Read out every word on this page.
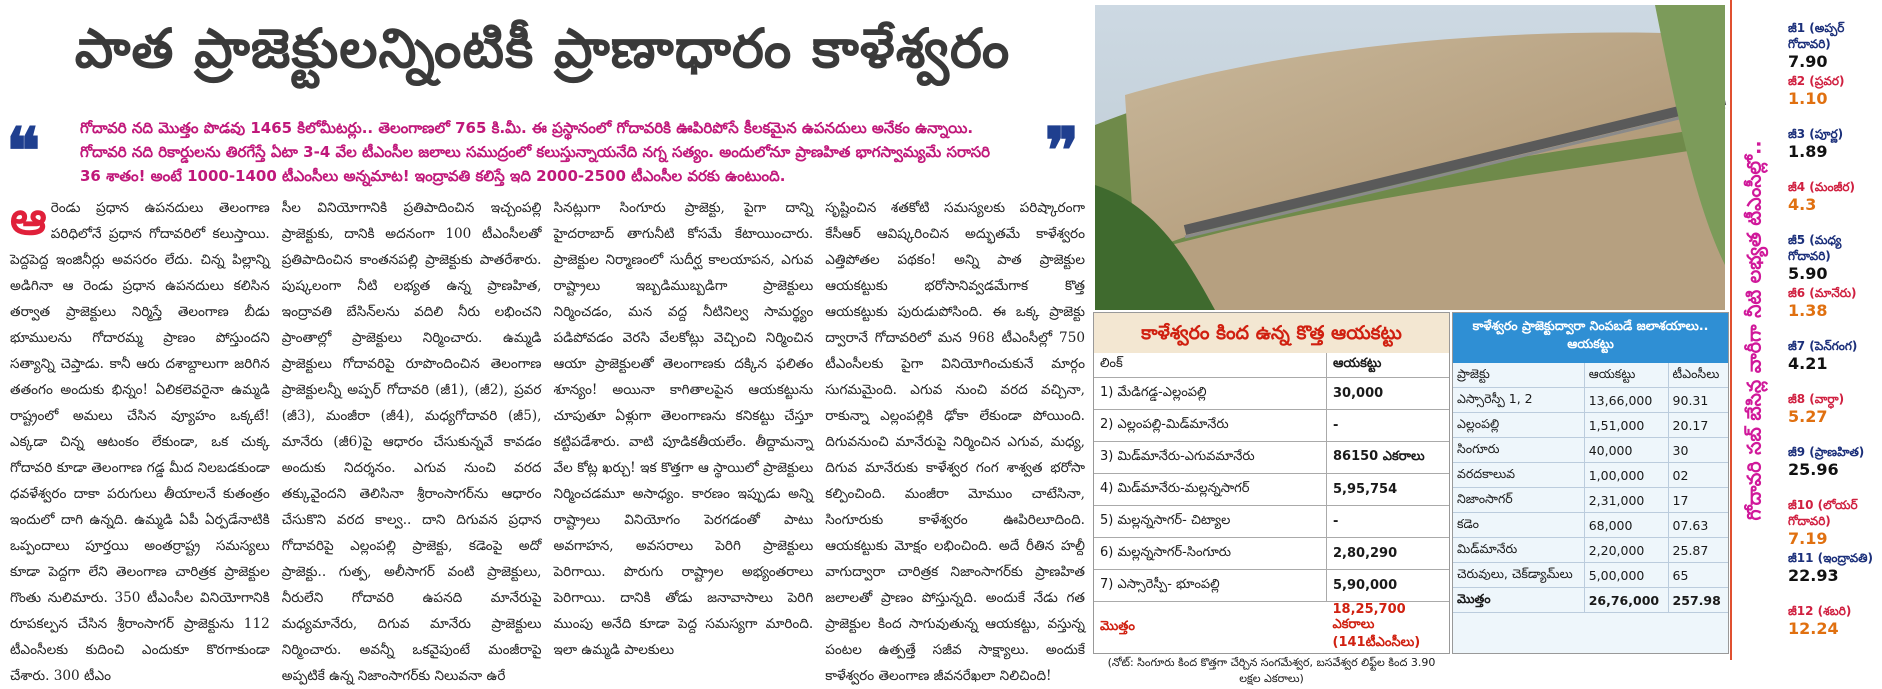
పాత ప్రాజెక్టులన్నింటికీ ప్రాణాధారం కాళేశ్వరం
❝	గోదావరి నది మొత్తం పొడవు 1465 కిలోమీటర్లు.. తెలంగాణలో 765 కి.మీ. ఈ ప్రస్థానంలో గోదావరికి ఊపిరిపోసే కీలకమైన ఉపనదులు అనేకం ఉన్నాయి. గోదావరి నది రికార్డులను తిరగేస్తే ఏటా 3-4 వేల టీఎంసీల జలాలు సముద్రంలో కలుస్తున్నాయనేది నగ్న సత్యం. అందులోనూ ప్రాణహిత భాగస్వామ్యమే సరాసరి 36 శాతం! అంటే 1000-1400 టీఎంసీలు అన్నమాట! ఇంద్రావతి కలిస్తే ఇది 2000-2500 టీఎంసీల వరకు ఉంటుంది.	❞
ఆ రెండు ప్రధాన ఉపనదులు తెలంగాణ పరిధిలోనే ప్రధాన గోదావరిలో కలుస్తాయి. పెద్దపెద్ద ఇంజినీర్లు అవసరం లేదు. చిన్న పిల్లాన్ని అడిగినా ఆ రెండు ప్రధాన ఉపనదులు కలిసిన తర్వాత ప్రాజెక్టులు నిర్మిస్తే తెలంగాణ బీడు భూములను గోదారమ్మ ప్రాణం పోస్తుందని సత్యాన్ని చెప్తాడు. కానీ ఆరు దశాబ్దాలుగా జరిగిన తతంగం అందుకు భిన్నం! ఏలికలెవరైనా ఉమ్మడి రాష్ట్రంలో అమలు చేసిన వ్యూహం ఒక్కటే! ఎక్కడా చిన్న ఆటంకం లేకుండా, ఒక చుక్క గోదావరి కూడా తెలంగాణ గడ్డ మీద నిలబడకుండా ధవళేశ్వరం దాకా పరుగులు తీయాలనే కుతంత్రం ఇందులో దాగి ఉన్నది. ఉమ్మడి ఏపీ ఏర్పడేనాటికి ఒప్పందాలు పూర్తయి అంతర్రాష్ట్ర సమస్యలు కూడా పెద్దగా లేని తెలంగాణ చారిత్రక ప్రాజెక్టుల గొంతు నులిమారు. 350 టీఎంసీల వినియోగానికి రూపకల్పన చేసిన శ్రీరాంసాగర్ ప్రాజెక్టును 112 టీఎంసీలకు కుదించి ఎందుకూ కొరగాకుండా చేశారు. 300 టీఎం
సీల వినియోగానికి ప్రతిపాదించిన ఇచ్చంపల్లి ప్రాజెక్టుకు, దానికి అదనంగా 100 టీఎంసీలతో ప్రతిపాదించిన కాంతనపల్లి ప్రాజెక్టుకు పాతరేశారు. పుష్కలంగా నీటి లభ్యత ఉన్న ప్రాణహిత, ఇంద్రావతి బేసిన్‌లను వదిలి నీరు లభించని ప్రాంతాల్లో ప్రాజెక్టులు నిర్మించారు. ఉమ్మడి ప్రాజెక్టులు గోదావరిపై రూపొందించిన తెలంగాణ ప్రాజెక్టులన్నీ అప్పర్ గోదావరి (జీ1), (జీ2), ప్రవర (జీ3), మంజీరా (జీ4), మధ్యగోదావరి (జీ5), మానేరు (జీ6)పై ఆధారం చేసుకున్నవే కావడం అందుకు నిదర్శనం. ఎగువ నుంచి వరద తక్కువైందని తెలిసినా శ్రీరాంసాగర్‌ను ఆధారం చేసుకొని వరద కాల్వ.. దాని దిగువన ప్రధాన గోదావరిపై ఎల్లంపల్లి ప్రాజెక్టు, కడెంపై అదో ప్రాజెక్టు.. గుత్ప, అలీసాగర్ వంటి ప్రాజెక్టులు, నీరులేని గోదావరి ఉపనది మానేరుపై మధ్యమానేరు, దిగువ మానేరు ప్రాజెక్టులు నిర్మించారు. అవన్నీ ఒకవైపుంటే మంజీరాపై అప్పటికే ఉన్న నిజాంసాగర్‌కు నిలువనా ఉరే
సినట్లుగా సింగూరు ప్రాజెక్టు, పైగా దాన్ని హైదరాబాద్ తాగునీటి కోసమే కేటాయించారు. ప్రాజెక్టుల నిర్మాణంలో సుదీర్ఘ కాలయాపన, ఎగువ రాష్ట్రాలు ఇబ్బడిముబ్బడిగా ప్రాజెక్టులు నిర్మించడం, మన వద్ద నీటినిల్వ సామర్థ్యం పడిపోవడం వెరసి వేలకోట్లు వెచ్చించి నిర్మించిన ఆయా ప్రాజెక్టులతో తెలంగాణకు దక్కిన ఫలితం శూన్యం! అయినా కాగితాలపైన ఆయకట్టును చూపుతూ ఏళ్లుగా తెలంగాణను కనికట్టు చేస్తూ కట్టిపడేశారు. వాటి పూడికతీయలేం. తీద్దామన్నా వేల కోట్ల ఖర్చు! ఇక కొత్తగా ఆ స్థాయిలో ప్రాజెక్టులు నిర్మించడమూ అసాధ్యం. కారణం ఇప్పుడు అన్ని రాష్ట్రాలు వినియోగం పెరగడంతో పాటు అవగాహన, అవసరాలు పెరిగి ప్రాజెక్టులు పెరిగాయి. పొరుగు రాష్ట్రాల అభ్యంతరాలు పెరిగాయి. దానికి తోడు జనావాసాలు పెరిగి ముంపు అనేది కూడా పెద్ద సమస్యగా మారింది. ఇలా ఉమ్మడి పాలకులు
సృష్టించిన శతకోటి సమస్యలకు పరిష్కారంగా కేసీఆర్ ఆవిష్కరించిన అద్భుతమే కాళేశ్వరం ఎత్తిపోతల పథకం! అన్ని పాత ప్రాజెక్టుల ఆయకట్టుకు భరోసానివ్వడమేగాక కొత్త ఆయకట్టుకు పురుడుపోసింది. ఈ ఒక్క ప్రాజెక్టు ద్వారానే గోదావరిలో మన 968 టీఎంసీల్లో 750 టీఎంసీలకు పైగా వినియోగించుకునే మార్గం సుగమమైంది. ఎగువ నుంచి వరద వచ్చినా, రాకున్నా ఎల్లంపల్లికి ఢోకా లేకుండా పోయింది. దిగువనుంచి మానేరుపై నిర్మించిన ఎగువ, మధ్య, దిగువ మానేరుకు కాళేశ్వర గంగ శాశ్వత భరోసా కల్పించింది. మంజీరా మోముం చాటేసినా, సింగూరుకు కాళేశ్వరం ఊపిరిలూదింది. ఆయకట్టుకు మోక్షం లభించింది. అదే రీతిన హల్దీ వాగుద్వారా చారిత్రక నిజాంసాగర్‌కు ప్రాణహిత జలాలతో ప్రాణం పోస్తున్నది. అందుకే నేడు గత ప్రాజెక్టుల కింద సాగువుతున్న ఆయకట్టు, వస్తున్న పంటల ఉత్పత్తే సజీవ సాక్ష్యాలు. అందుకే కాళేశ్వరం తెలంగాణ జీవనరేఖలా నిలిచింది!
కాళేశ్వరం కింద ఉన్న కొత్త ఆయకట్టు
లింక్	ఆయకట్టు
1) మేడిగడ్డ-ఎల్లంపల్లి	30,000
2) ఎల్లంపల్లి-మిడ్‌మానేరు	-
3) మిడ్‌మానేరు-ఎగువమానేరు	86150 ఎకరాలు
4) మిడ్‌మానేరు-మల్లన్నసాగర్	5,95,754
5) మల్లన్నసాగర్- చిట్యాల	-
6) మల్లన్నసాగర్-సింగూరు	2,80,290
7) ఎస్సారెస్పీ- భూంపల్లి	5,90,000
మొత్తం	18,25,700 ఎకరాలు (141టీఎంసీలు)
(నోట్: సింగూరు కింద కొత్తగా చేర్చిన సంగమేశ్వర, బసవేశ్వర లిఫ్ట్‌ల కింద 3.90 లక్షల ఎకరాలు)
కాళేశ్వరం ప్రాజెక్టుద్వారా నింపబడే జలాశయాలు.. ఆయకట్టు
ప్రాజెక్టు	ఆయకట్టు	టీఎంసీలు
ఎస్సారెస్పీ 1, 2	13,66,000	90.31
ఎల్లంపల్లి	1,51,000	20.17
సింగూరు	40,000	30
వరదకాలువ	1,00,000	02
నిజాంసాగర్	2,31,000	17
కడెం	68,000	07.63
మిడ్‌మానేరు	2,20,000	25.87
చెరువులు, చెక్‌డ్యామ్‌లు	5,00,000	65
మొత్తం	26,76,000	257.98
గోదావరి సబ్ బేసిన్ల వారీగా నీటి లభ్యత టీఎంసీల్లో..
జీ1 (అప్పర్ గోదావరి)
7.90
జీ2 (ప్రవర)
1.10
జీ3 (పూర్ణ)
1.89
జీ4 (మంజీర)
4.3
జీ5 (మధ్య గోదావరి)
5.90
జీ6 (మానేరు)
1.38
జీ7 (పెన్‌గంగ)
4.21
జీ8 (వార్ధా)
5.27
జీ9 (ప్రాణహిత)
25.96
జీ10 (లోయర్ గోదావరి)
7.19
జీ11 (ఇంద్రావతి)
22.93
జీ12 (శబరి)
12.24
